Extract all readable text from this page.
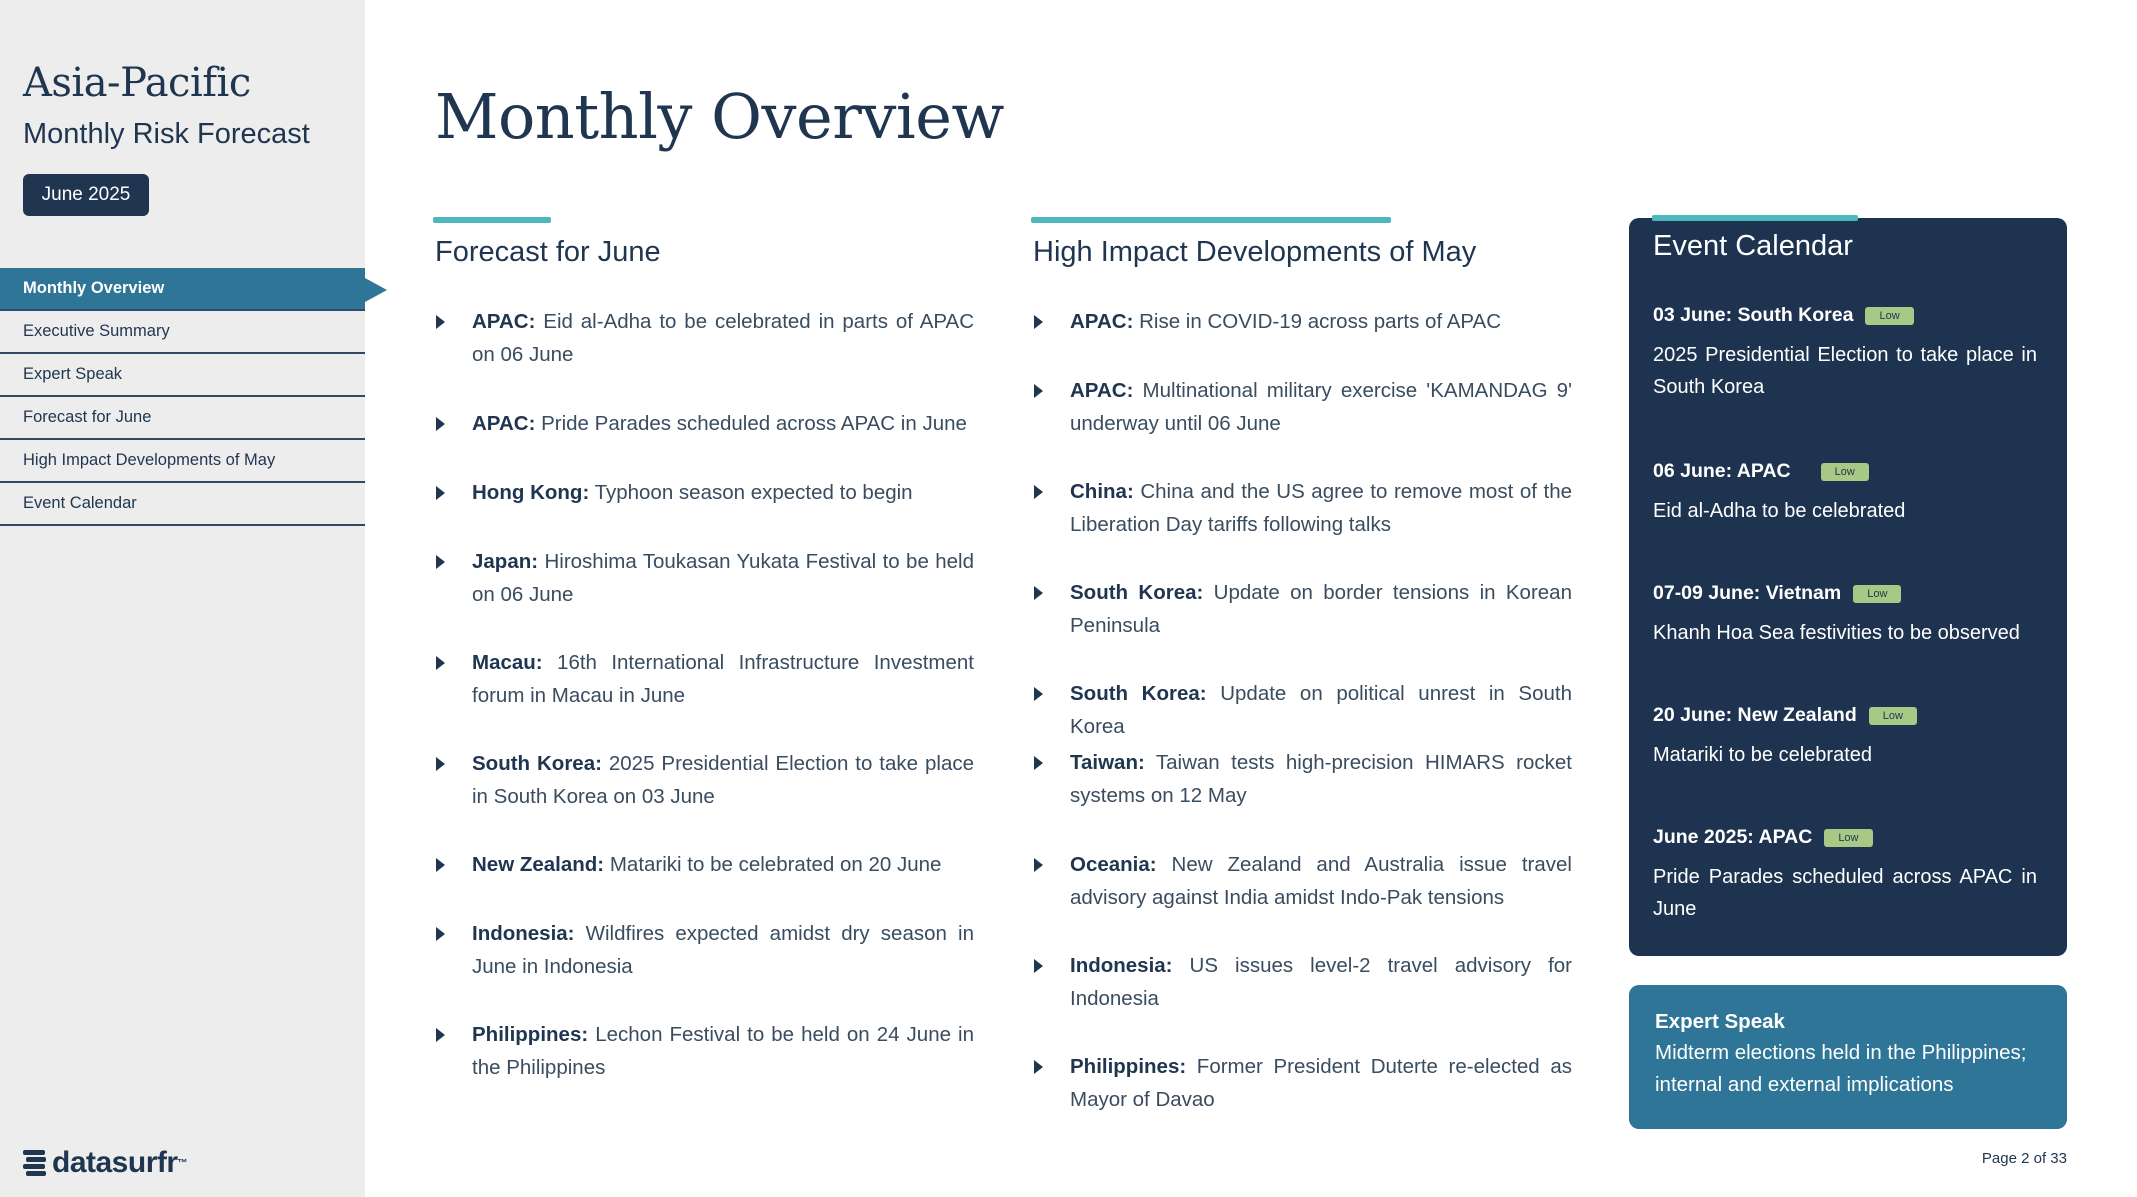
Asia-Pacific
Monthly Risk Forecast
June 2025
Monthly Overview
Executive Summary
Expert Speak
Forecast for June
High Impact Developments of May
Event Calendar
datasurfr ™
Monthly Overview
Forecast for June
APAC: Eid al-Adha to be celebrated in parts of APAC on 06 June
APAC: Pride Parades scheduled across APAC in June
Hong Kong: Typhoon season expected to begin
Japan: Hiroshima Toukasan Yukata Festival to be held on 06 June
Macau: 16th International Infrastructure Investment forum in Macau in June
South Korea: 2025 Presidential Election to take place in South Korea on 03 June
New Zealand: Matariki to be celebrated on 20 June
Indonesia: Wildfires expected amidst dry season in June in Indonesia
Philippines: Lechon Festival to be held on 24 June in the Philippines
High Impact Developments of May
APAC: Rise in COVID-19 across parts of APAC
APAC: Multinational military exercise 'KAMANDAG 9' underway until 06 June
China: China and the US agree to remove most of the Liberation Day tariffs following talks
South Korea: Update on border tensions in Korean Peninsula
South Korea: Update on political unrest in South Korea
Taiwan: Taiwan tests high-precision HIMARS rocket systems on 12 May
Oceania: New Zealand and Australia issue travel advisory against India amidst Indo-Pak tensions
Indonesia: US issues level-2 travel advisory for Indonesia
Philippines: Former President Duterte re-elected as Mayor of Davao
Event Calendar
03 June: South Korea	Low
2025 Presidential Election to take place in South Korea
06 June: APAC	Low
Eid al-Adha to be celebrated
07-09 June: Vietnam	Low
Khanh Hoa Sea festivities to be observed
20 June: New Zealand	Low
Matariki to be celebrated
June 2025: APAC	Low
Pride Parades scheduled across APAC in June
Expert Speak
Midterm elections held in the Philippines; internal and external implications
Page 2 of 33
